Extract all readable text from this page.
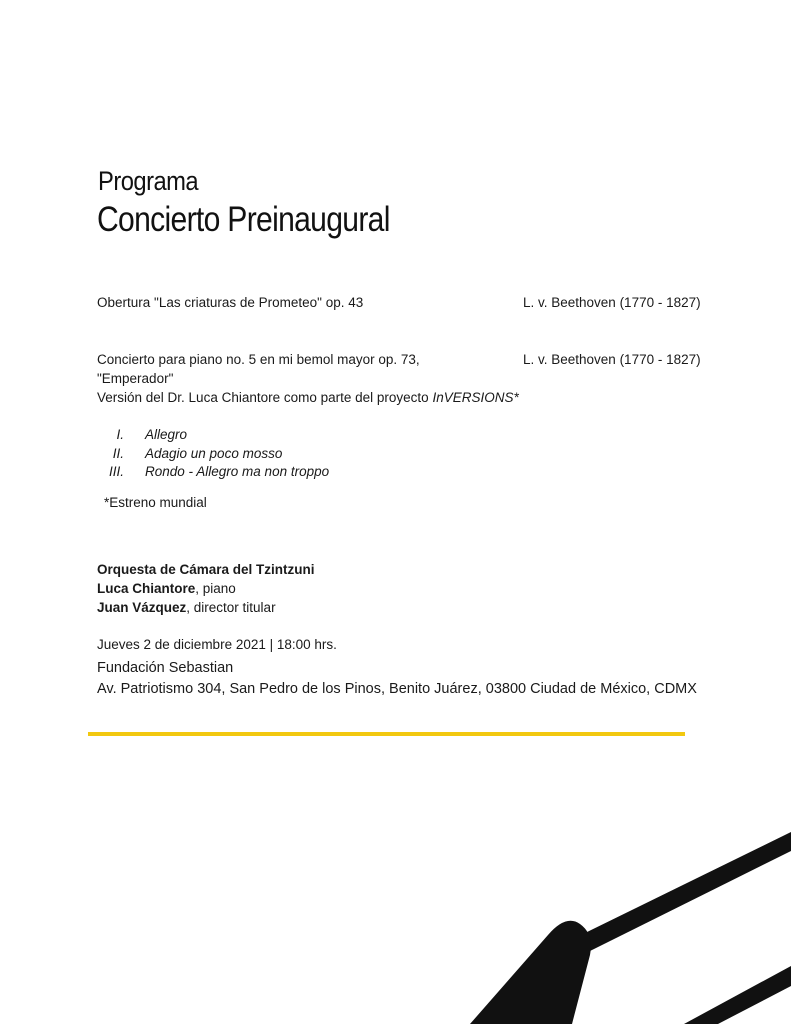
Programa
Concierto Preinaugural
Obertura "Las criaturas de Prometeo" op. 43	L. v. Beethoven (1770 - 1827)
Concierto para piano no. 5 en mi bemol mayor op. 73,
"Emperador"
Versión del Dr. Luca Chiantore como parte del proyecto InVERSIONS*
L. v. Beethoven (1770 - 1827)
I. Allegro
II. Adagio un poco mosso
III. Rondo - Allegro ma non troppo
*Estreno mundial
Orquesta de Cámara del Tzintzuni
Luca Chiantore, piano
Juan Vázquez, director titular
Jueves 2 de diciembre 2021 | 18:00 hrs.
Fundación Sebastian
Av. Patriotismo 304, San Pedro de los Pinos, Benito Juárez, 03800 Ciudad de México, CDMX
